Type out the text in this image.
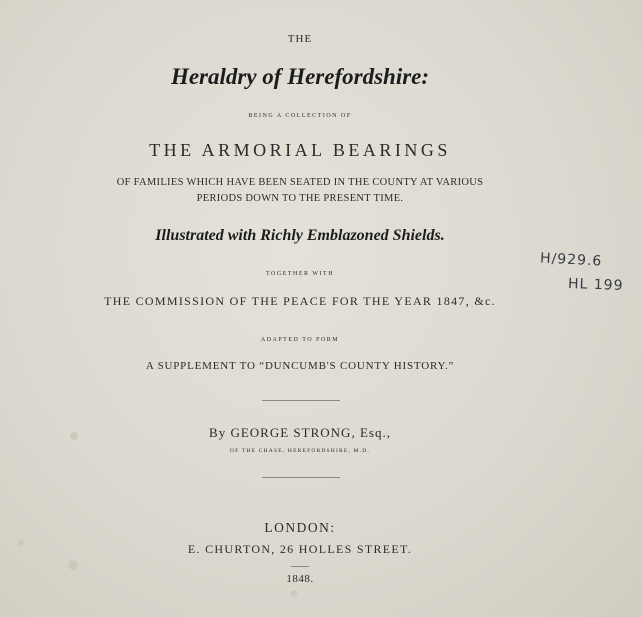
THE
Heraldry of Herefordshire:
BEING A COLLECTION OF
THE ARMORIAL BEARINGS
OF FAMILIES WHICH HAVE BEEN SEATED IN THE COUNTY AT VARIOUS
PERIODS DOWN TO THE PRESENT TIME.
Illustrated with Richly Emblazoned Shields.
TOGETHER WITH
THE COMMISSION OF THE PEACE FOR THE YEAR 1847, &c.
ADAPTED TO FORM
A SUPPLEMENT TO “DUNCUMB'S COUNTY HISTORY.”
By GEORGE STRONG, Esq.,
OF THE CHASE, HEREFORDSHIRE, M.D.
LONDON:
E. CHURTON, 26 HOLLES STREET.
1848.
H/929.6
HL 199
